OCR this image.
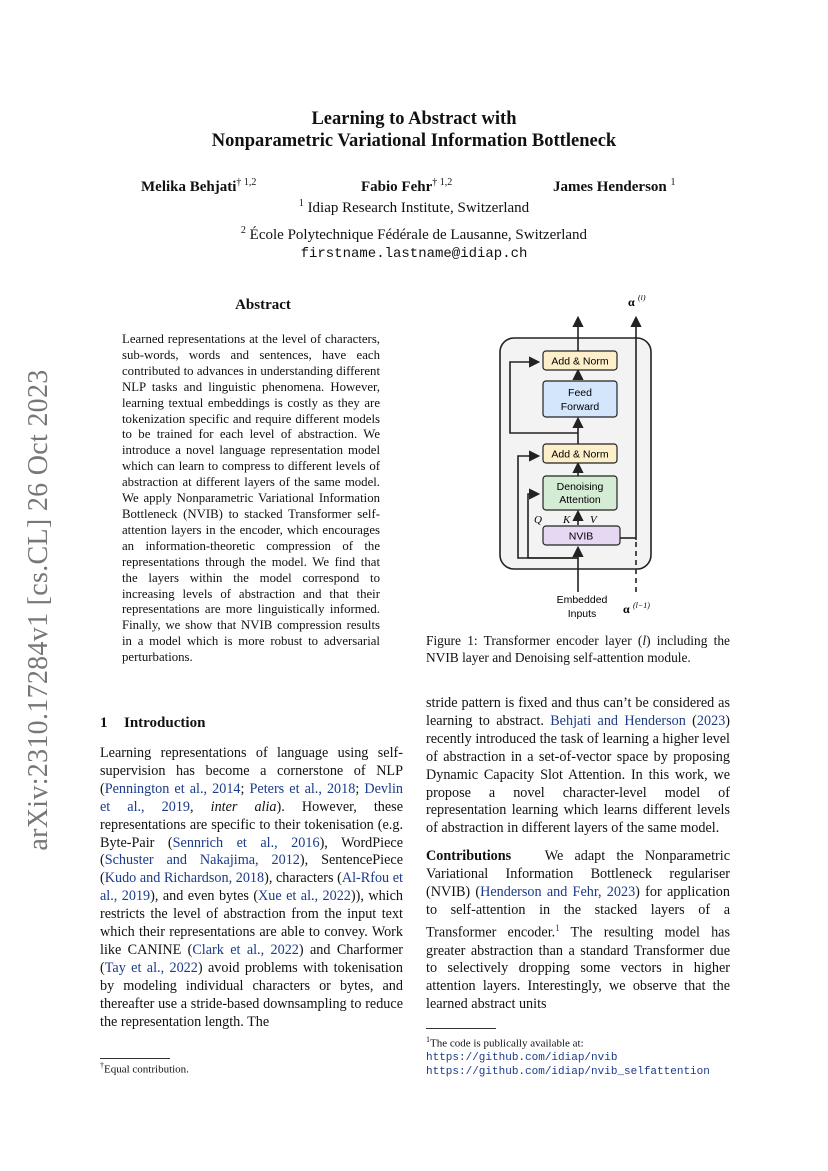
arXiv:2310.17284v1 [cs.CL] 26 Oct 2023
Learning to Abstract with
Nonparametric Variational Information Bottleneck
Melika Behjati$^{\dagger 1,2}$	Fabio Fehr$^{\dagger 1,2}$	James Henderson $^1$
$^1$ Idiap Research Institute, Switzerland
$^2$ École Polytechnique Fédérale de Lausanne, Switzerland
firstname.lastname@idiap.ch
Abstract
Learned representations at the level of characters, sub-words, words and sentences, have each contributed to advances in understanding different NLP tasks and linguistic phenomena. However, learning textual embeddings is costly as they are tokenization specific and require different models to be trained for each level of abstraction. We introduce a novel language representation model which can learn to compress to different levels of abstraction at different layers of the same model. We apply Nonparametric Variational Information Bottleneck (NVIB) to stacked Transformer self-attention layers in the encoder, which encourages an information-theoretic compression of the representations through the model. We find that the layers within the model correspond to increasing levels of abstraction and that their representations are more linguistically informed. Finally, we show that NVIB compression results in a model which is more robust to adversarial perturbations.
1 Introduction
Learning representations of language using self-supervision has become a cornerstone of NLP (Pennington et al., 2014; Peters et al., 2018; Devlin et al., 2019, inter alia). However, these representations are specific to their tokenisation (e.g. Byte-Pair (Sennrich et al., 2016), WordPiece (Schuster and Nakajima, 2012), SentencePiece (Kudo and Richardson, 2018), characters (Al-Rfou et al., 2019), and even bytes (Xue et al., 2022)), which restricts the level of abstraction from the input text which their representations are able to convey. Work like CANINE (Clark et al., 2022) and Charformer (Tay et al., 2022) avoid problems with tokenisation by modeling individual characters or bytes, and thereafter use a stride-based downsampling to reduce the representation length. The
†Equal contribution.
Add & Norm
Feed
Forward
Add & Norm
Denoising
Attention
NVIB
Q K V
α (l)
Embedded
Inputs α (l−1)
Figure 1: Transformer encoder layer (l) including the NVIB layer and Denoising self-attention module.

stride pattern is fixed and thus can’t be considered as learning to abstract. Behjati and Henderson (2023) recently introduced the task of learning a higher level of abstraction in a set-of-vector space by proposing Dynamic Capacity Slot Attention. In this work, we propose a novel character-level model of representation learning which learns different levels of abstraction in different layers of the same model.

Contributions We adapt the Nonparametric Variational Information Bottleneck regulariser (NVIB) (Henderson and Fehr, 2023) for application to self-attention in the stacked layers of a Transformer encoder.$^1$ The resulting model has greater abstraction than a standard Transformer due to selectively dropping some vectors in higher attention layers. Interestingly, we observe that the learned abstract units

$^1$The code is publically available at:
https://github.com/idiap/nvib
https://github.com/idiap/nvib_selfattention
